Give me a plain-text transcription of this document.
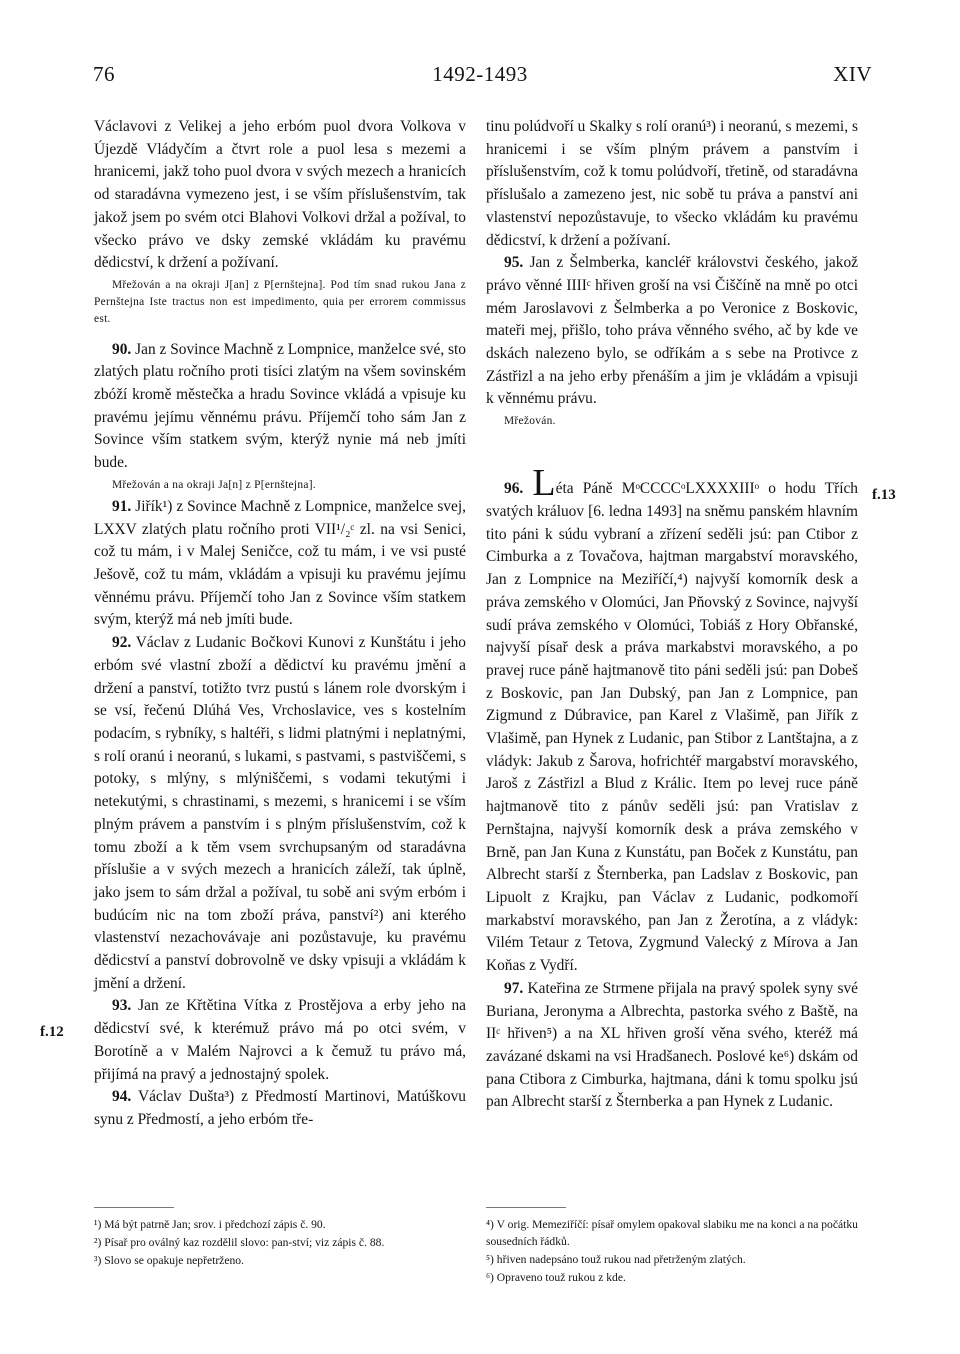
76	1492-1493	XIV
f.12
f.13

Václavovi z Velikej a jeho erbóm puol dvora Volkova v Újezdě Vládyčím a čtvrt role a puol lesa s mezemi a hranicemi, jakž toho puol dvora v svých mezech a hranicích od staradávna vymezeno jest, i se vším příslušenstvím, tak jakož jsem po svém otci Blahovi Volkovi držal a požíval, to všecko právo ve dsky zemské vkládám ku pravému dědicství, k držení a požívaní.

Mřežován a na okraji J[an] z P[ernštejna]. Pod tím snad rukou Jana z Pernštejna Iste tractus non est impedimento, quia per errorem commissus est.

90. Jan z Sovince Machně z Lompnice, manželce své, sto zlatých platu ročního proti tisíci zlatým na všem sovinském zbóží kromě městečka a hradu Sovince vkládá a vpisuje ku pravému jejímu věnnému právu. Příjemčí toho sám Jan z Sovince vším statkem svým, kterýž nynie má neb jmíti bude.

Mřežován a na okraji Ja[n] z P[ernštejna].

91. Jiřík¹) z Sovince Machně z Lompnice, manželce svej, LXXV zlatých platu ročního proti VII¹/₂ᶜ zl. na vsi Senici, což tu mám, i v Malej Seničce, což tu mám, i ve vsi pusté Ješově, což tu mám, vkládám a vpisuji ku pravému jejímu věnnému právu. Příjemčí toho Jan z Sovince vším statkem svým, kterýž má neb jmíti bude.

92. Václav z Ludanic Bočkovi Kunovi z Kunštátu i jeho erbóm své vlastní zboží a dědictví ku pravému jmění a držení a panství, totižto tvrz pustú s lánem role dvorským i se vsí, řečenú Dlúhá Ves, Vrchoslavice, ves s kostelním podacím, s rybníky, s haltéři, s lidmi platnými i neplatnými, s rolí oranú i neoranú, s lukami, s pastvami, s pastviščemi, s potoky, s mlýny, s mlýniščemi, s vodami tekutými i netekutými, s chrastinami, s mezemi, s hranicemi i se vším plným právem a panstvím i s plným příslušenstvím, což k tomu zboží a k těm vsem svrchupsaným od staradávna příslušie a v svých mezech a hranicích záleží, tak úplně, jako jsem to sám držal a požíval, tu sobě ani svým erbóm i budúcím nic na tom zboží práva, panství²) ani kterého vlastenství nezachovávaje ani pozůstavuje, ku pravému dědicství a panství dobrovolně ve dsky vpisuji a vkládám k jmění a držení.

93. Jan ze Křtětina Vítka z Prostějova a erby jeho na dědicství své, k kterémuž právo má po otci svém, v Borotíně a v Malém Najrovci a k čemuž tu právo má, přijímá na pravý a jednostajný spolek.

94. Václav Dušta³) z Předmostí Martinovi, Matúškovu synu z Předmostí, a jeho erbóm tře-

tinu polúdvoří u Skalky s rolí oranú³) i neoranú, s mezemi, s hranicemi i se vším plným právem a panstvím i příslušenstvím, což k tomu polúdvoří, třetině, od staradávna příslušalo a zamezeno jest, nic sobě tu práva a panství ani vlastenství nepozůstavuje, to všecko vkládám ku pravému dědicství, k držení a požívaní.

95. Jan z Šelmberka, kancléř královstvi českého, jakož právo věnné IIIIᶜ hřiven groší na vsi Čiščíně na mně po otci mém Jaroslavovi z Šelmberka a po Veronice z Boskovic, mateři mej, přišlo, toho práva věnného svého, ač by kde ve dskách nalezeno bylo, se odříkám a s sebe na Protivce z Zástřizl a na jeho erby přenáším a jim je vkládám a vpisuji k věnnému právu.

Mřežován.

96. Léta Páně MᵒCCCCᵒLXXXXIIIᵒ o hodu Třích svatých králuov [6. ledna 1493] na sněmu panském hlavním tito páni k súdu vybraní a zřízení seděli jsú: pan Ctibor z Cimburka a z Tovačova, hajtman margabství moravského, Jan z Lompnice na Meziříčí,⁴) najvyší komorník desk a práva zemského v Olomúci, Jan Pňovský z Sovince, najvyší sudí práva zemského v Olomúci, Tobiáš z Hory Obřanské, najvyší písař desk a práva markabstvi moravského, a po pravej ruce páně hajtmanově tito páni seděli jsú: pan Dobeš z Boskovic, pan Jan Dubský, pan Jan z Lompnice, pan Zigmund z Dúbravice, pan Karel z Vlašimě, pan Jiřík z Vlašimě, pan Hynek z Ludanic, pan Stibor z Lantštajna, a z vládyk: Jakub z Šarova, hofrichtéř margabství moravského, Jaroš z Zástřizl a Blud z Králic. Item po levej ruce páně hajtmanově tito z pánův seděli jsú: pan Vratislav z Pernštajna, najvyší komorník desk a práva zemského v Brně, pan Jan Kuna z Kunstátu, pan Boček z Kunstátu, pan Albrecht starší z Šternberka, pan Ladslav z Boskovic, pan Lipuolt z Krajku, pan Václav z Ludanic, podkomoří markabství moravského, pan Jan z Žerotína, a z vládyk: Vilém Tetaur z Tetova, Zygmund Valecký z Mírova a Jan Koňas z Vydří.

97. Kateřina ze Strmene přijala na pravý spolek syny své Buriana, Jeronyma a Albrechta, pastorka svého z Baště, na IIᶜ hřiven⁵) a na XL hřiven groší věna svého, kteréž má zavázané dskami na vsi Hradšanech. Poslové ke⁶) dskám od pana Ctibora z Cimburka, hajtmana, dáni k tomu spolku jsú pan Albrecht starší z Šternberka a pan Hynek z Ludanic.

¹) Má být patrně Jan; srov. i předchozí zápis č. 90.

²) Písař pro oválný kaz rozdělil slovo: pan-ství; viz zápis č. 88.

³) Slovo se opakuje nepřetrženo.

⁴) V orig. Memeziříčí: písař omylem opakoval slabiku me na konci a na počátku sousedních řádků.

⁵) hřiven nadepsáno touž rukou nad přetrženým zlatých.

⁶) Opraveno touž rukou z kde.
